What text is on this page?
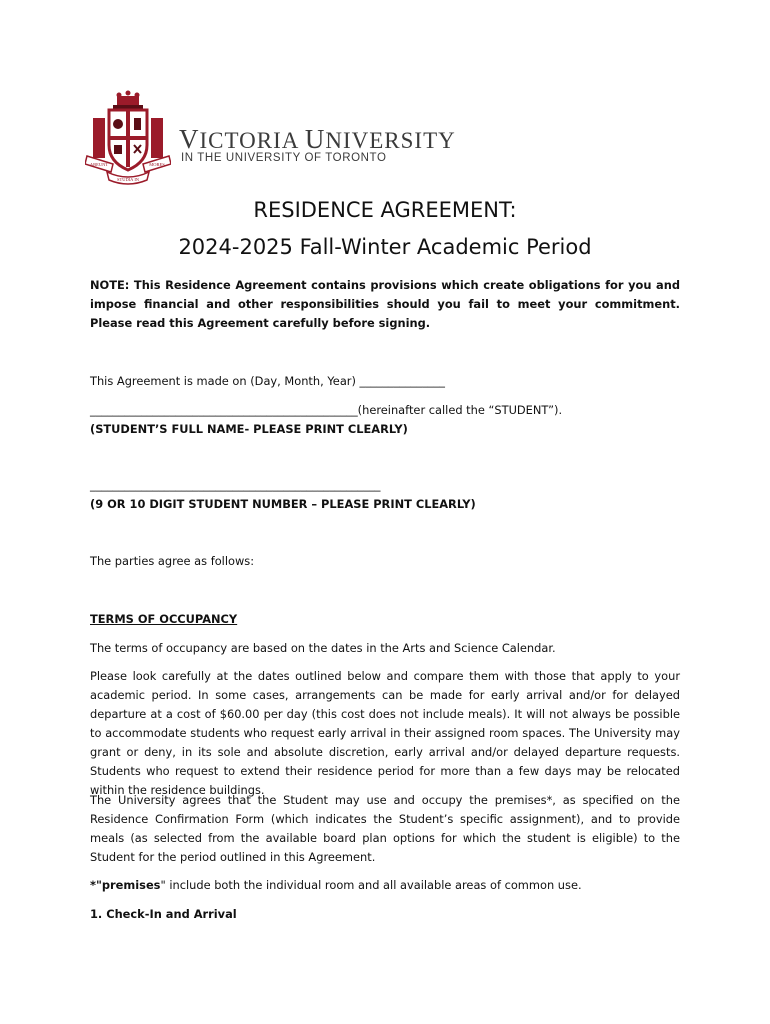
ABEUNT	MORES
STUDIA IN
VICTORIA UNIVERSITY
IN THE UNIVERSITY OF TORONTO
RESIDENCE AGREEMENT:
2024-2025 Fall-Winter Academic Period
NOTE: This Residence Agreement contains provisions which create obligations for you and impose financial and other responsibilities should you fail to meet your commitment. Please read this Agreement carefully before signing.
This Agreement is made on (Day, Month, Year) _______________
_______________________________________________(hereinafter called the “STUDENT”).
(STUDENT’S FULL NAME- PLEASE PRINT CLEARLY)
___________________________________________________
(9 OR 10 DIGIT STUDENT NUMBER – PLEASE PRINT CLEARLY)
The parties agree as follows:
TERMS OF OCCUPANCY
The terms of occupancy are based on the dates in the Arts and Science Calendar.
Please look carefully at the dates outlined below and compare them with those that apply to your academic period. In some cases, arrangements can be made for early arrival and/or for delayed departure at a cost of $60.00 per day (this cost does not include meals). It will not always be possible to accommodate students who request early arrival in their assigned room spaces. The University may grant or deny, in its sole and absolute discretion, early arrival and/or delayed departure requests. Students who request to extend their residence period for more than a few days may be relocated within the residence buildings.
The University agrees that the Student may use and occupy the premises*, as specified on the Residence Confirmation Form (which indicates the Student’s specific assignment), and to provide meals (as selected from the available board plan options for which the student is eligible) to the Student for the period outlined in this Agreement.
*"premises" include both the individual room and all available areas of common use.
1. Check-In and Arrival
